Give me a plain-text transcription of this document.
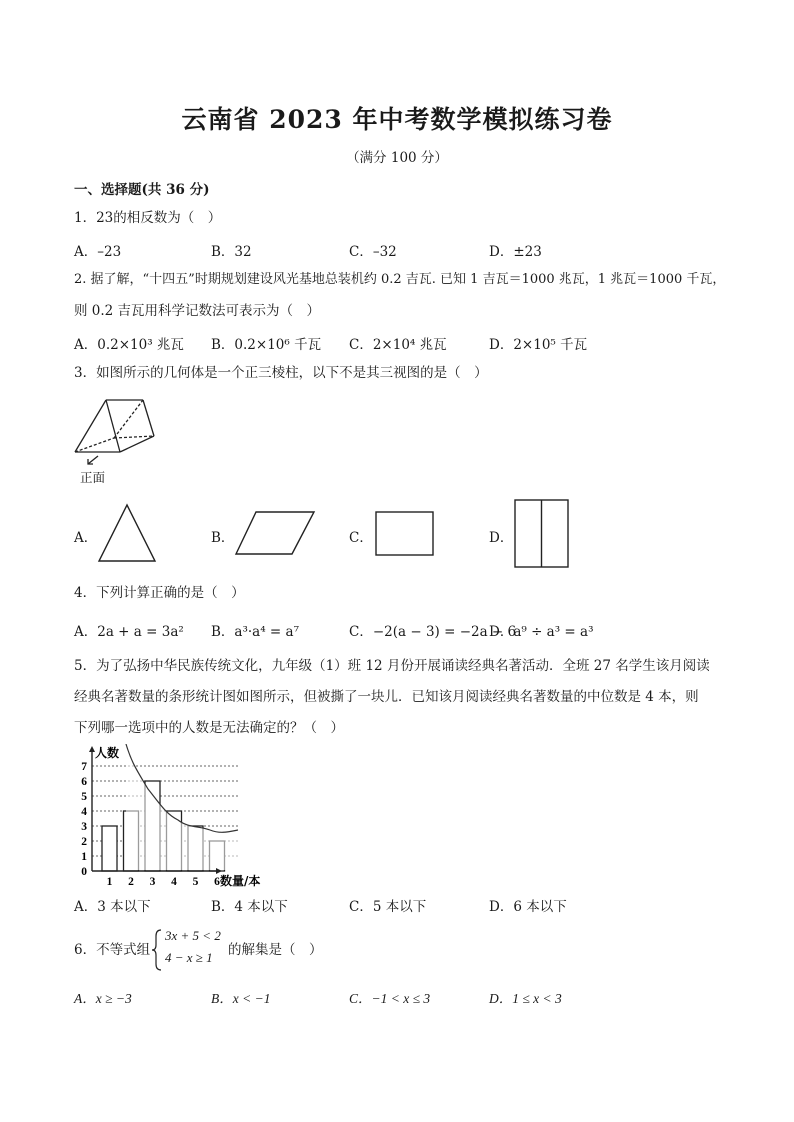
云南省 2023 年中考数学模拟练习卷
（满分 100 分）
一、选择题(共 36 分)
1．23的相反数为（　）
A．–23	B．32	C．–32	D．±23
2. 据了解，“十四五”时期规划建设风光基地总装机约 0.2 吉瓦. 已知 1 吉瓦＝1000 兆瓦，1 兆瓦＝1000 千瓦，
则 0.2 吉瓦用科学记数法可表示为（　）
A．0.2×10³ 兆瓦 B．0.2×10⁶ 千瓦 C．2×10⁴ 兆瓦	D．2×10⁵ 千瓦
3．如图所示的几何体是一个正三棱柱，以下不是其三视图的是（　）
正面
A．	B．	C．	D．
4．下列计算正确的是（　）
A．2a + a = 3a² B．a³·a⁴ = a⁷	C．−2(a − 3) = −2a − 6
D．a⁹ ÷ a³ = a³
5．为了弘扬中华民族传统文化，九年级（1）班 12 月份开展诵读经典名著活动．全班 27 名学生该月阅读
经典名著数量的条形统计图如图所示，但被撕了一块儿．已知该月阅读经典名著数量的中位数是 4 本，则
下列哪一选项中的人数是无法确定的？（　）
0
1
2
3
4
5
6
7
1 2 3 4 5 6
人数
数量/本
A．3 本以下	B．4 本以下	C．5 本以下	D．6 本以下
6．不等式组
3x + 5 < 2
4 − x ≥ 1 的解集是（　）
A．x ≥ −3	B．x < −1	C．−1 < x ≤ 3	D．1 ≤ x < 3
